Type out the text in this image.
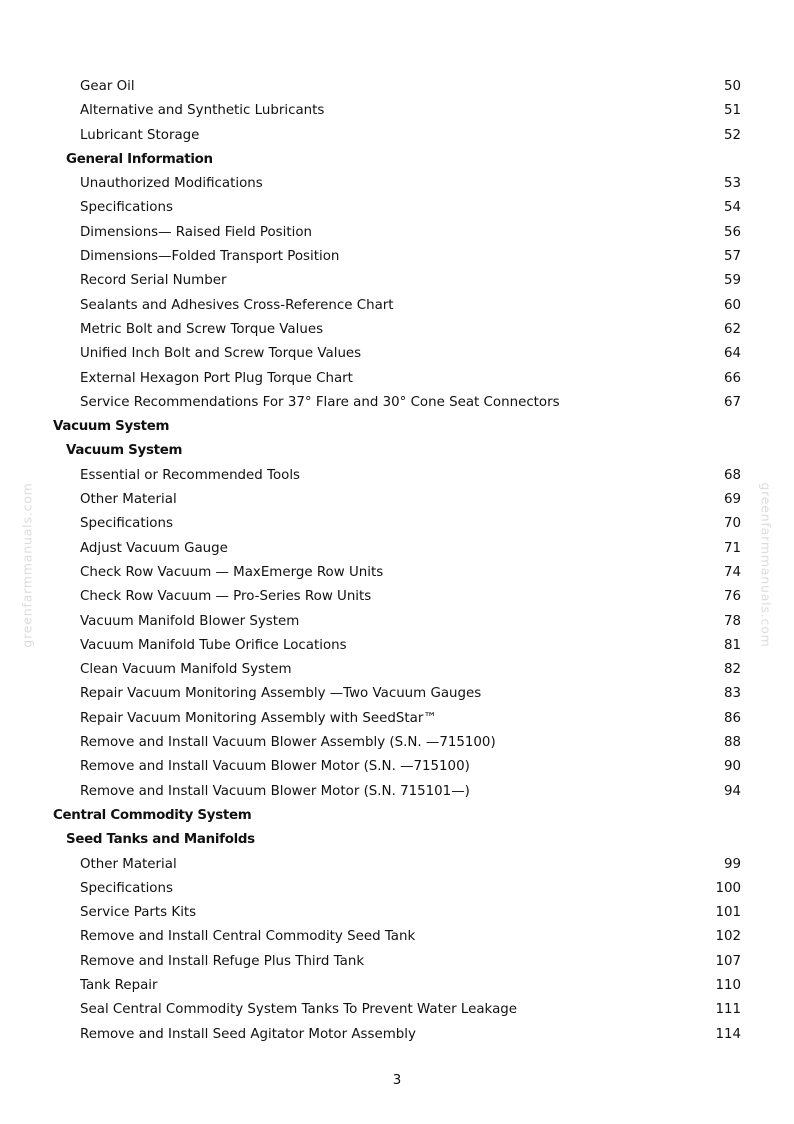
Gear Oil	50
Alternative and Synthetic Lubricants	51
Lubricant Storage	52
General Information
Unauthorized Modifications	53
Specifications	54
Dimensions— Raised Field Position	56
Dimensions—Folded Transport Position	57
Record Serial Number	59
Sealants and Adhesives Cross-Reference Chart	60
Metric Bolt and Screw Torque Values	62
Unified Inch Bolt and Screw Torque Values	64
External Hexagon Port Plug Torque Chart	66
Service Recommendations For 37° Flare and 30° Cone Seat Connectors	67
Vacuum System
Vacuum System
Essential or Recommended Tools	68
Other Material	69
Specifications	70
Adjust Vacuum Gauge	71
Check Row Vacuum — MaxEmerge Row Units	74
Check Row Vacuum — Pro-Series Row Units	76
Vacuum Manifold Blower System	78
Vacuum Manifold Tube Orifice Locations	81
Clean Vacuum Manifold System	82
Repair Vacuum Monitoring Assembly —Two Vacuum Gauges	83
Repair Vacuum Monitoring Assembly with SeedStar™	86
Remove and Install Vacuum Blower Assembly (S.N. —715100)	88
Remove and Install Vacuum Blower Motor (S.N. —715100)	90
Remove and Install Vacuum Blower Motor (S.N. 715101—)	94
Central Commodity System
Seed Tanks and Manifolds
Other Material	99
Specifications	100
Service Parts Kits	101
Remove and Install Central Commodity Seed Tank	102
Remove and Install Refuge Plus Third Tank	107
Tank Repair	110
Seal Central Commodity System Tanks To Prevent Water Leakage	111
Remove and Install Seed Agitator Motor Assembly	114
greenfarmmanuals.com	greenfarmmanuals.com
3
